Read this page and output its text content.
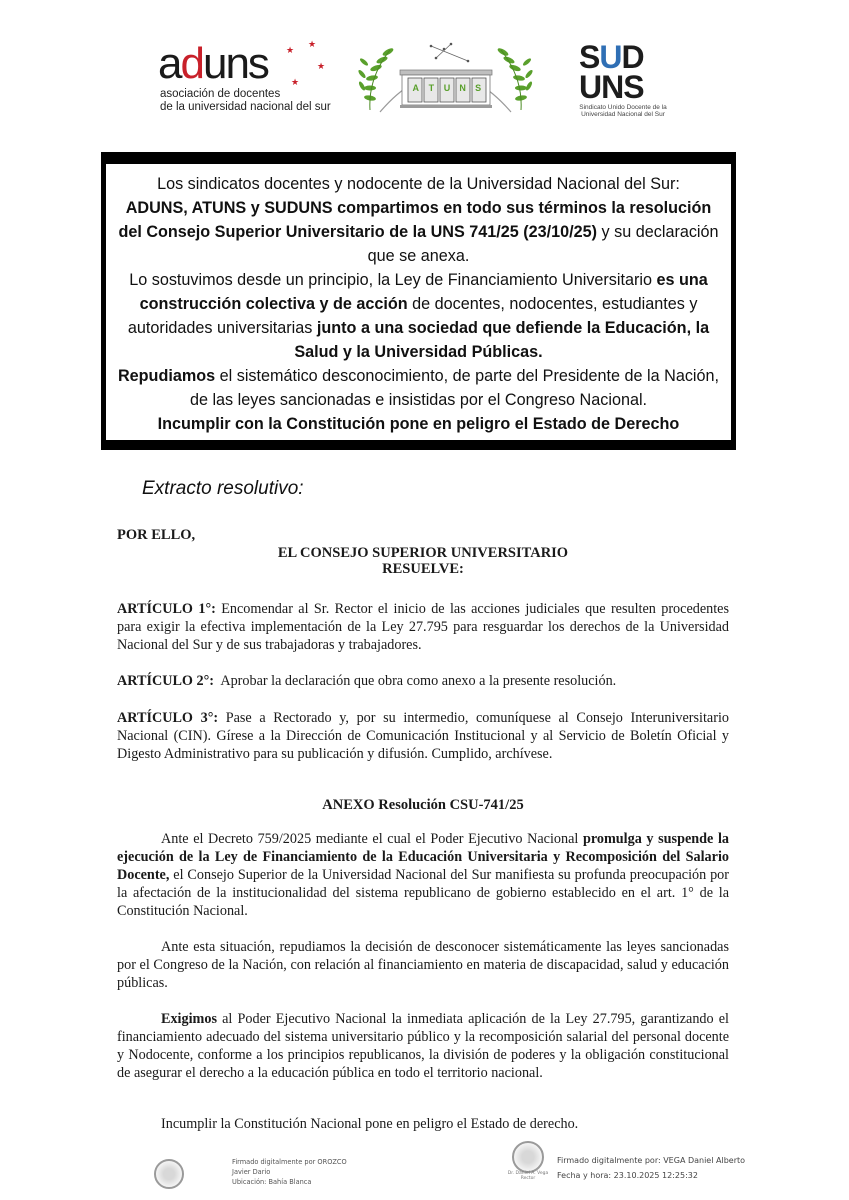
aduns ★
★
★
★
asociación de docentes
de la universidad nacional del sur
A	T	U	N	S
SUD
UNS
Sindicato Unido Docente de la Universidad Nacional del Sur
Los sindicatos docentes y nodocente de la Universidad Nacional del Sur:
ADUNS, ATUNS y SUDUNS compartimos en todo sus términos la resolución del Consejo Superior Universitario de la UNS 741/25 (23/10/25) y su declaración que se anexa.
Lo sostuvimos desde un principio, la Ley de Financiamiento Universitario es una construcción colectiva y de acción de docentes, nodocentes, estudiantes y autoridades universitarias junto a una sociedad que defiende la Educación, la Salud y la Universidad Públicas.
Repudiamos el sistemático desconocimiento, de parte del Presidente de la Nación, de las leyes sancionadas e insistidas por el Congreso Nacional.
Incumplir con la Constitución pone en peligro el Estado de Derecho
Extracto resolutivo:
POR ELLO,
EL CONSEJO SUPERIOR UNIVERSITARIO
RESUELVE:
ARTÍCULO 1°: Encomendar al Sr. Rector el inicio de las acciones judiciales que resulten procedentes para exigir la efectiva implementación de la Ley 27.795 para resguardar los derechos de la Universidad Nacional del Sur y de sus trabajadoras y trabajadores.
ARTÍCULO 2°:  Aprobar la declaración que obra como anexo a la presente resolución.
ARTÍCULO 3°: Pase a Rectorado y, por su intermedio, comuníquese al Consejo Interuniversitario Nacional (CIN). Gírese a la Dirección de Comunicación Institucional y al Servicio de Boletín Oficial y Digesto Administrativo para su publicación y difusión. Cumplido, archívese.
ANEXO Resolución CSU-741/25
Ante el Decreto 759/2025 mediante el cual el Poder Ejecutivo Nacional promulga y suspende la ejecución de la Ley de Financiamiento de la Educación Universitaria y Recomposición del Salario Docente, el Consejo Superior de la Universidad Nacional del Sur manifiesta su profunda preocupación por la afectación de la institucionalidad del sistema republicano de gobierno establecido en el art. 1° de la Constitución Nacional.
Ante esta situación, repudiamos la decisión de desconocer sistemáticamente las leyes sancionadas por el Congreso de la Nación, con relación al financiamiento en materia de discapacidad, salud y educación públicas.
Exigimos al Poder Ejecutivo Nacional la inmediata aplicación de la Ley 27.795, garantizando el financiamiento adecuado del sistema universitario público y la recomposición salarial del personal docente y Nodocente, conforme a los principios republicanos, la división de poderes y la obligación constitucional de asegurar el derecho a la educación pública en todo el territorio nacional.
Incumplir la Constitución Nacional pone en peligro el Estado de derecho.
Firmado digitalmente por OROZCO
Javier Dario
Ubicación: Bahía Blanca
Dr. Daniel A. Vega
Rector
Firmado digitalmente por: VEGA Daniel Alberto
Fecha y hora: 23.10.2025 12:25:32
